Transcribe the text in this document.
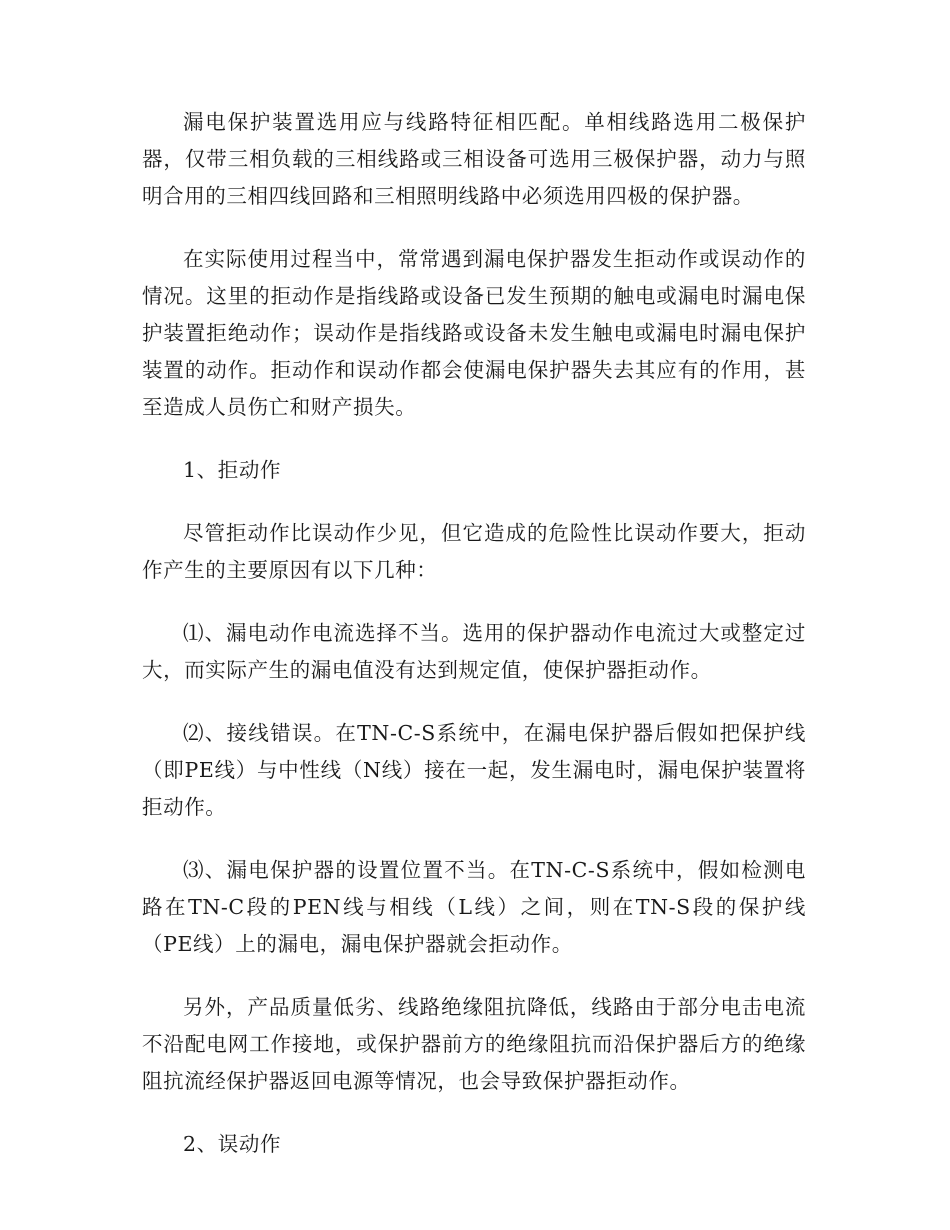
漏电保护装置选用应与线路特征相匹配。单相线路选用二极保护器，仅带三相负载的三相线路或三相设备可选用三极保护器，动力与照明合用的三相四线回路和三相照明线路中必须选用四极的保护器。

在实际使用过程当中，常常遇到漏电保护器发生拒动作或误动作的情况。这里的拒动作是指线路或设备已发生预期的触电或漏电时漏电保护装置拒绝动作；误动作是指线路或设备未发生触电或漏电时漏电保护装置的动作。拒动作和误动作都会使漏电保护器失去其应有的作用，甚至造成人员伤亡和财产损失。

1、拒动作

尽管拒动作比误动作少见，但它造成的危险性比误动作要大，拒动作产生的主要原因有以下几种：

⑴、漏电动作电流选择不当。选用的保护器动作电流过大或整定过大，而实际产生的漏电值没有达到规定值，使保护器拒动作。

⑵、接线错误。在TN-C-S系统中，在漏电保护器后假如把保护线（即PE线）与中性线（N线）接在一起，发生漏电时，漏电保护装置将拒动作。

⑶、漏电保护器的设置位置不当。在TN-C-S系统中，假如检测电路在TN-C段的PEN线与相线（L线）之间，则在TN-S段的保护线（PE线）上的漏电，漏电保护器就会拒动作。

另外，产品质量低劣、线路绝缘阻抗降低，线路由于部分电击电流不沿配电网工作接地，或保护器前方的绝缘阻抗而沿保护器后方的绝缘阻抗流经保护器返回电源等情况，也会导致保护器拒动作。

2、误动作
